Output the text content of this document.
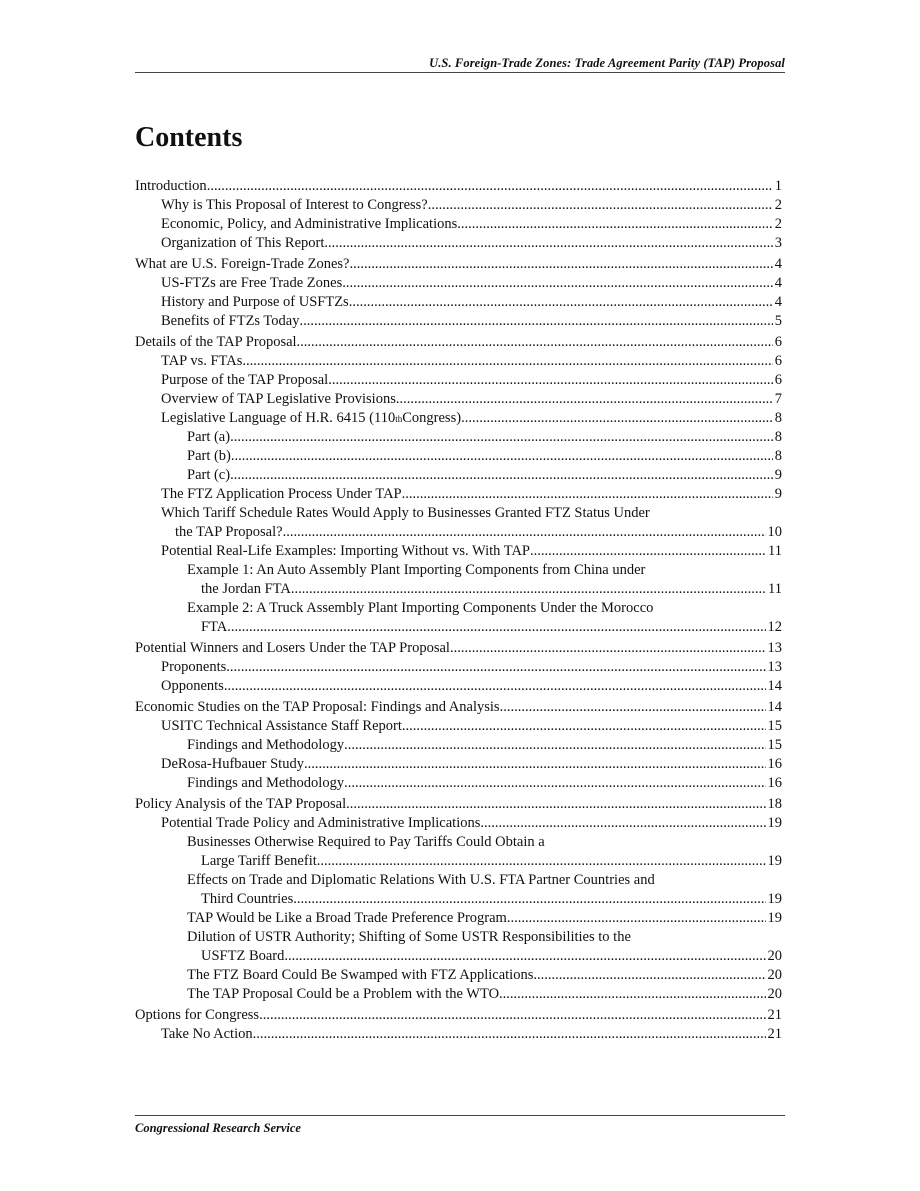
U.S. Foreign-Trade Zones: Trade Agreement Parity (TAP) Proposal
Contents
Introduction .....	1
Why is This Proposal of Interest to Congress? .....	2
Economic, Policy, and Administrative Implications .....	2
Organization of This Report .....	3
What are U.S. Foreign-Trade Zones? .....	4
US-FTZs are Free Trade Zones .....	4
History and Purpose of USFTZs .....	4
Benefits of FTZs Today .....	5
Details of the TAP Proposal .....	6
TAP vs. FTAs .....	6
Purpose of the TAP Proposal .....	6
Overview of TAP Legislative Provisions .....	7
Legislative Language of H.R. 6415 (110 th Congress) .....	8
Part (a) .....	8
Part (b) .....	8
Part (c) .....	9
The FTZ Application Process Under TAP .....	9
Which Tariff Schedule Rates Would Apply to Businesses Granted FTZ Status Under
the TAP Proposal? .....	10
Potential Real-Life Examples: Importing Without vs. With TAP .....	11
Example 1: An Auto Assembly Plant Importing Components from China under
the Jordan FTA .....	11
Example 2: A Truck Assembly Plant Importing Components Under the Morocco
FTA .....	12
Potential Winners and Losers Under the TAP Proposal .....	13
Proponents .....	13
Opponents .....	14
Economic Studies on the TAP Proposal: Findings and Analysis .....	14
USITC Technical Assistance Staff Report .....	15
Findings and Methodology .....	15
DeRosa-Hufbauer Study .....	16
Findings and Methodology .....	16
Policy Analysis of the TAP Proposal .....	18
Potential Trade Policy and Administrative Implications .....	19
Businesses Otherwise Required to Pay Tariffs Could Obtain a
Large Tariff Benefit .....	19
Effects on Trade and Diplomatic Relations With U.S. FTA Partner Countries and
Third Countries .....	19
TAP Would be Like a Broad Trade Preference Program .....	19
Dilution of USTR Authority; Shifting of Some USTR Responsibilities to the
USFTZ Board .....	20
The FTZ Board Could Be Swamped with FTZ Applications .....	20
The TAP Proposal Could be a Problem with the WTO .....	20
Options for Congress .....	21
Take No Action .....	21
Congressional Research Service
